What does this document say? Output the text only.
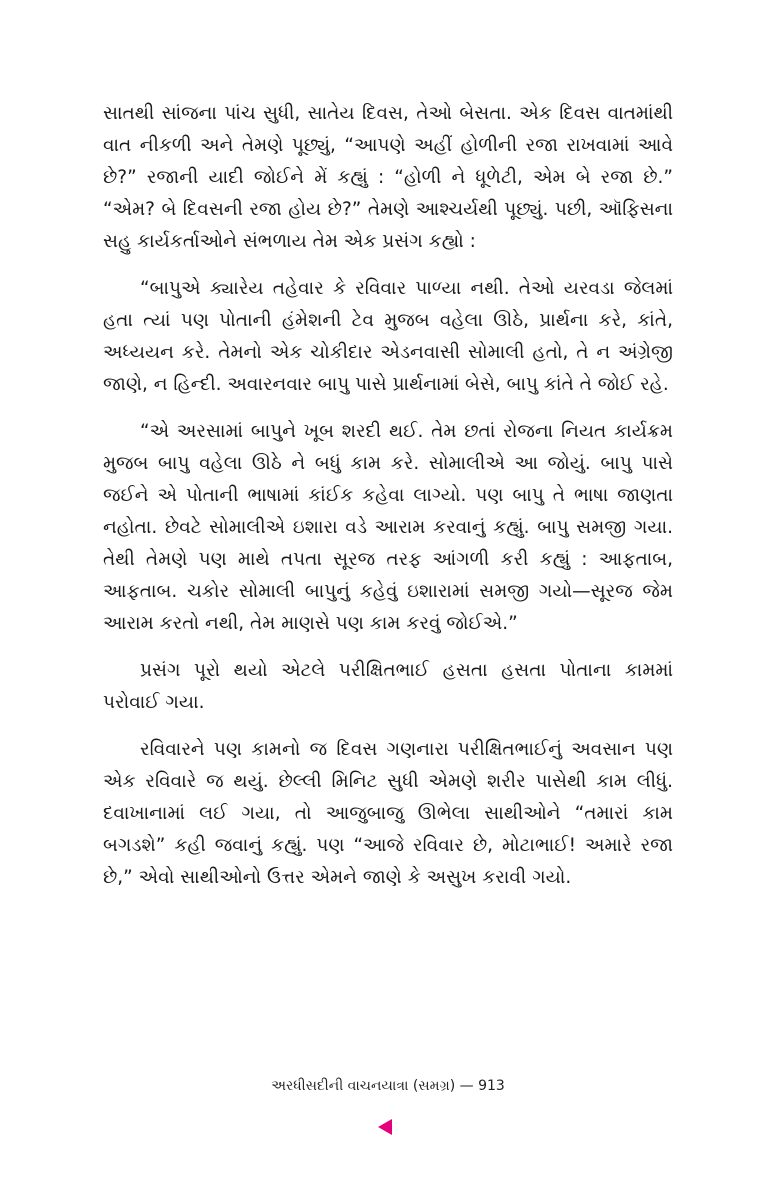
સાતથી સાંજના પાંચ સુધી, સાતેય દિવસ, તેઓ બેસતા. એક દિવસ વાતમાંથી વાત નીકળી અને તેમણે પૂછ્યું, “આપણે અહીં હોળીની રજા રાખવામાં આવે છે?” રજાની યાદી જોઈને મેં કહ્યું : “હોળી ને ધૂળેટી, એમ બે રજા છે.” “એમ? બે દિવસની રજા હોય છે?” તેમણે આશ્ચર્યથી પૂછ્યું. પછી, ઑફિસના સહુ કાર્યકર્તાઓને સંભળાય તેમ એક પ્રસંગ કહ્યો :

“બાપુએ ક્યારેય તહેવાર કે રવિવાર પાળ્યા નથી. તેઓ યરવડા જેલમાં હતા ત્યાં પણ પોતાની હંમેશની ટેવ મુજબ વહેલા ઊઠે, પ્રાર્થના કરે, કાંતે, અધ્યયન કરે. તેમનો એક ચોકીદાર એડનવાસી સોમાલી હતો, તે ન અંગ્રેજી જાણે, ન હિન્દી. અવારનવાર બાપુ પાસે પ્રાર્થનામાં બેસે, બાપુ કાંતે તે જોઈ રહે.

“એ અરસામાં બાપુને ખૂબ શરદી થઈ. તેમ છતાં રોજના નિયત કાર્યક્રમ મુજબ બાપુ વહેલા ઊઠે ને બધું કામ કરે. સોમાલીએ આ જોયું. બાપુ પાસે જઈને એ પોતાની ભાષામાં કાંઈક કહેવા લાગ્યો. પણ બાપુ તે ભાષા જાણતા નહોતા. છેવટે સોમાલીએ ઇશારા વડે આરામ કરવાનું કહ્યું. બાપુ સમજી ગયા. તેથી તેમણે પણ માથે તપતા સૂરજ તરફ આંગળી કરી કહ્યું : આફતાબ, આફતાબ. ચકોર સોમાલી બાપુનું કહેવું ઇશારામાં સમજી ગયો—સૂરજ જેમ આરામ કરતો નથી, તેમ માણસે પણ કામ કરવું જોઈએ.”

પ્રસંગ પૂરો થયો એટલે પરીક્ષિતભાઈ હસતા હસતા પોતાના કામમાં પરોવાઈ ગયા.

રવિવારને પણ કામનો જ દિવસ ગણનારા પરીક્ષિતભાઈનું અવસાન પણ એક રવિવારે જ થયું. છેલ્લી મિનિટ સુધી એમણે શરીર પાસેથી કામ લીધું. દવાખાનામાં લઈ ગયા, તો આજુબાજુ ઊભેલા સાથીઓને “તમારાં કામ બગડશે” કહી જવાનું કહ્યું. પણ “આજે રવિવાર છે, મોટાભાઈ! અમારે રજા છે,” એવો સાથીઓનો ઉત્તર એમને જાણે કે અસુખ કરાવી ગયો.

અરધીસદીની વાચનયાત્રા (સમગ્ર) — 913
